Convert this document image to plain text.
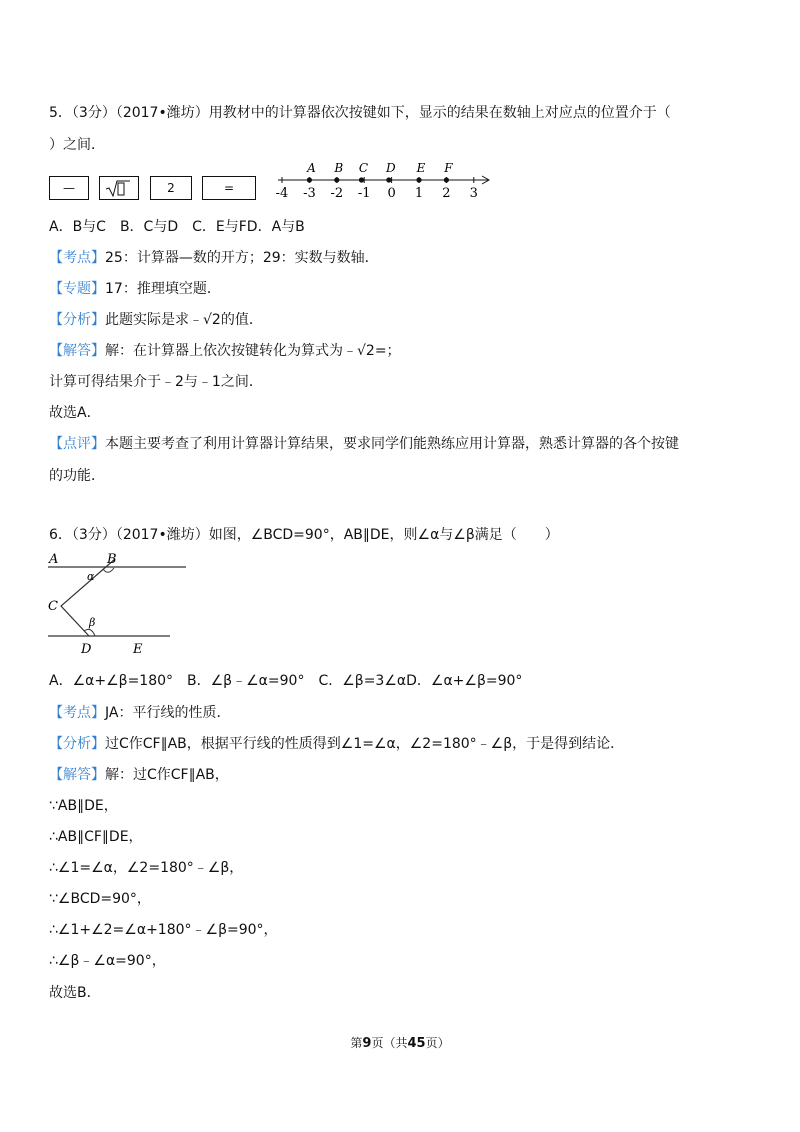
5．（3分）（2017•潍坊）用教材中的计算器依次按键如下，显示的结果在数轴上对应点的位置介于（
）之间．
—	2	=	-4 -3 -2 -1 0 1 2 3
A B C D E F
A．B与C　B．C与D　C．E与FD．A与B
【考点】25：计算器—数的开方；29：实数与数轴．
【专题】17：推理填空题．
【分析】此题实际是求﹣√2的值．
【解答】解：在计算器上依次按键转化为算式为﹣√2=；
计算可得结果介于﹣2与﹣1之间．
故选A．
【点评】本题主要考查了利用计算器计算结果，要求同学们能熟练应用计算器，熟悉计算器的各个按键
的功能．
6．（3分）（2017•潍坊）如图，∠BCD=90°，AB∥DE，则∠α与∠β满足（　　）
A	B
C
D	E
α
β
A．∠α+∠β=180°　B．∠β﹣∠α=90°　C．∠β=3∠αD．∠α+∠β=90°
【考点】JA：平行线的性质．
【分析】过C作CF∥AB，根据平行线的性质得到∠1=∠α，∠2=180°﹣∠β，于是得到结论．
【解答】解：过C作CF∥AB，
∵AB∥DE，
∴AB∥CF∥DE，
∴∠1=∠α，∠2=180°﹣∠β，
∵∠BCD=90°，
∴∠1+∠2=∠α+180°﹣∠β=90°，
∴∠β﹣∠α=90°，
故选B．
第9页（共45页）
